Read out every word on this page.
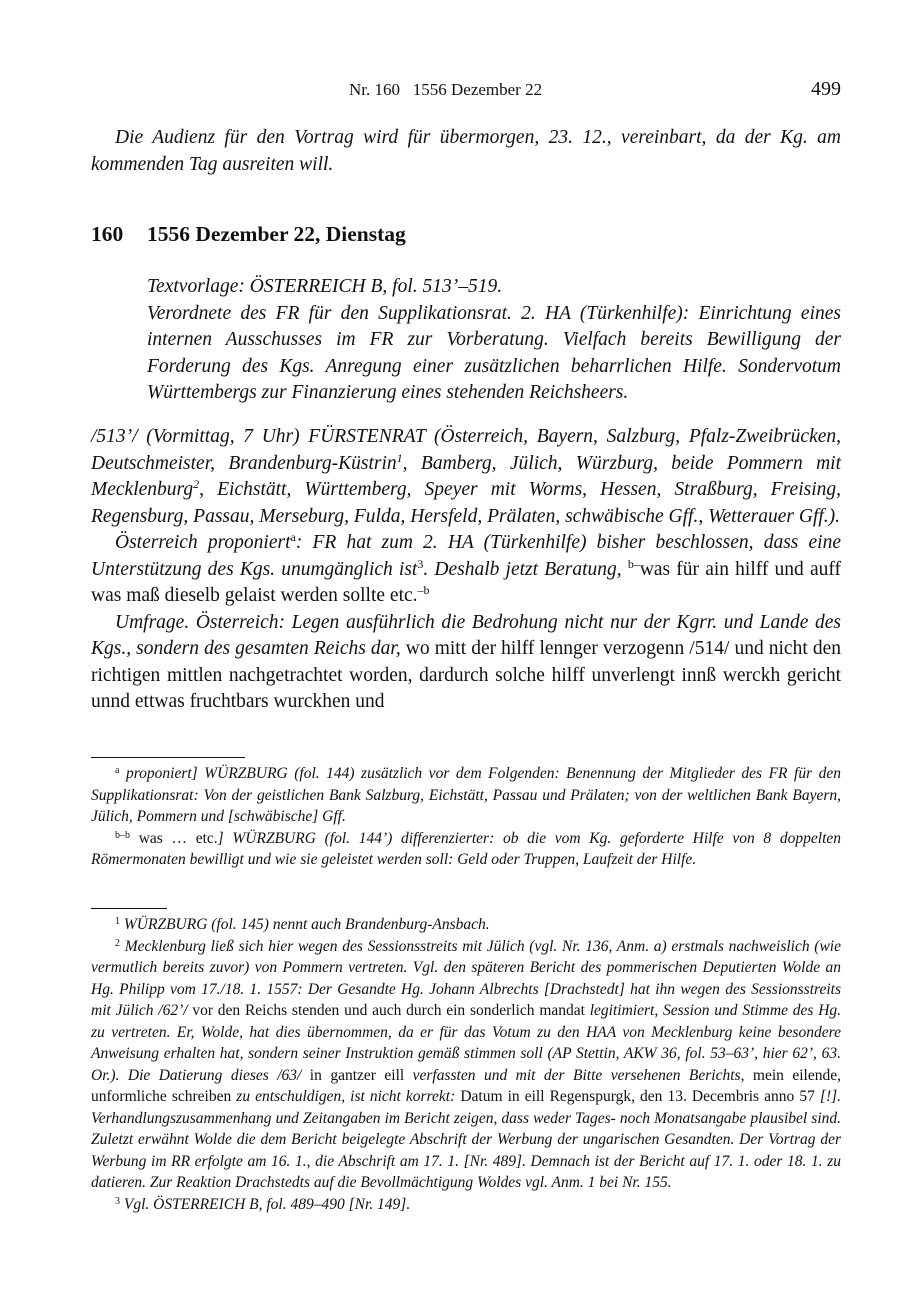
Nr. 160   1556 Dezember 22	499
Die Audienz für den Vortrag wird für übermorgen, 23. 12., vereinbart, da der Kg. am kommenden Tag ausreiten will.
160 1556 Dezember 22, Dienstag

Textvorlage: ÖSTERREICH B, fol. 513’–519.

Verordnete des FR für den Supplikationsrat. 2. HA (Türkenhilfe): Einrichtung eines internen Ausschusses im FR zur Vorberatung. Vielfach bereits Bewilligung der Forderung des Kgs. Anregung einer zusätzlichen beharrlichen Hilfe. Sondervotum Württembergs zur Finanzierung eines stehenden Reichsheers.

/513’/ (Vormittag, 7 Uhr) FÜRSTENRAT (Österreich, Bayern, Salzburg, Pfalz-Zweibrücken, Deutschmeister, Brandenburg-Küstrin$^1$, Bamberg, Jülich, Würzburg, beide Pommern mit Mecklenburg$^2$, Eichstätt, Württemberg, Speyer mit Worms, Hessen, Straßburg, Freising, Regensburg, Passau, Merseburg, Fulda, Hersfeld, Prälaten, schwäbische Gff., Wetterauer Gff.).

Österreich proponiert$^a$: FR hat zum 2. HA (Türkenhilfe) bisher beschlossen, dass eine Unterstützung des Kgs. unumgänglich ist$^3$. Deshalb jetzt Beratung, $^{b-}$was für ain hilff und auff was maß dieselb gelaist werden sollte etc.$^{-b}$

Umfrage. Österreich: Legen ausführlich die Bedrohung nicht nur der Kgrr. und Lande des Kgs., sondern des gesamten Reichs dar, wo mitt der hilff lennger verzogenn /514/ und nicht den richtigen mittlen nachgetrachtet worden, dardurch solche hilff unverlengt innß werckh gericht unnd ettwas fruchtbars wurckhen und

$^a$ proponiert] WÜRZBURG (fol. 144) zusätzlich vor dem Folgenden: Benennung der Mitglieder des FR für den Supplikationsrat: Von der geistlichen Bank Salzburg, Eichstätt, Passau und Prälaten; von der weltlichen Bank Bayern, Jülich, Pommern und [schwäbische] Gff.

$^{b-b}$ was … etc.] WÜRZBURG (fol. 144’) differenzierter: ob die vom Kg. geforderte Hilfe von 8 doppelten Römermonaten bewilligt und wie sie geleistet werden soll: Geld oder Truppen, Laufzeit der Hilfe.

$^1$ WÜRZBURG (fol. 145) nennt auch Brandenburg-Ansbach.

$^2$ Mecklenburg ließ sich hier wegen des Sessionsstreits mit Jülich (vgl. Nr. 136, Anm. a) erstmals nachweislich (wie vermutlich bereits zuvor) von Pommern vertreten. Vgl. den späteren Bericht des pommerischen Deputierten Wolde an Hg. Philipp vom 17./18. 1. 1557: Der Gesandte Hg. Johann Albrechts [Drachstedt] hat ihn wegen des Sessionsstreits mit Jülich /62’/ vor den Reichs stenden und auch durch ein sonderlich mandat legitimiert, Session und Stimme des Hg. zu vertreten. Er, Wolde, hat dies übernommen, da er für das Votum zu den HAA von Mecklenburg keine besondere Anweisung erhalten hat, sondern seiner Instruktion gemäß stimmen soll (AP Stettin, AKW 36, fol. 53–63’, hier 62’, 63. Or.). Die Datierung dieses /63/ in gantzer eill verfassten und mit der Bitte versehenen Berichts, mein eilende, unformliche schreiben zu entschuldigen, ist nicht korrekt: Datum in eill Regenspurgk, den 13. Decembris anno 57 [!]. Verhandlungszusammenhang und Zeitangaben im Bericht zeigen, dass weder Tages- noch Monatsangabe plausibel sind. Zuletzt erwähnt Wolde die dem Bericht beigelegte Abschrift der Werbung der ungarischen Gesandten. Der Vortrag der Werbung im RR erfolgte am 16. 1., die Abschrift am 17. 1. [Nr. 489]. Demnach ist der Bericht auf 17. 1. oder 18. 1. zu datieren. Zur Reaktion Drachstedts auf die Bevollmächtigung Woldes vgl. Anm. 1 bei Nr. 155.

$^3$ Vgl. ÖSTERREICH B, fol. 489–490 [Nr. 149].
